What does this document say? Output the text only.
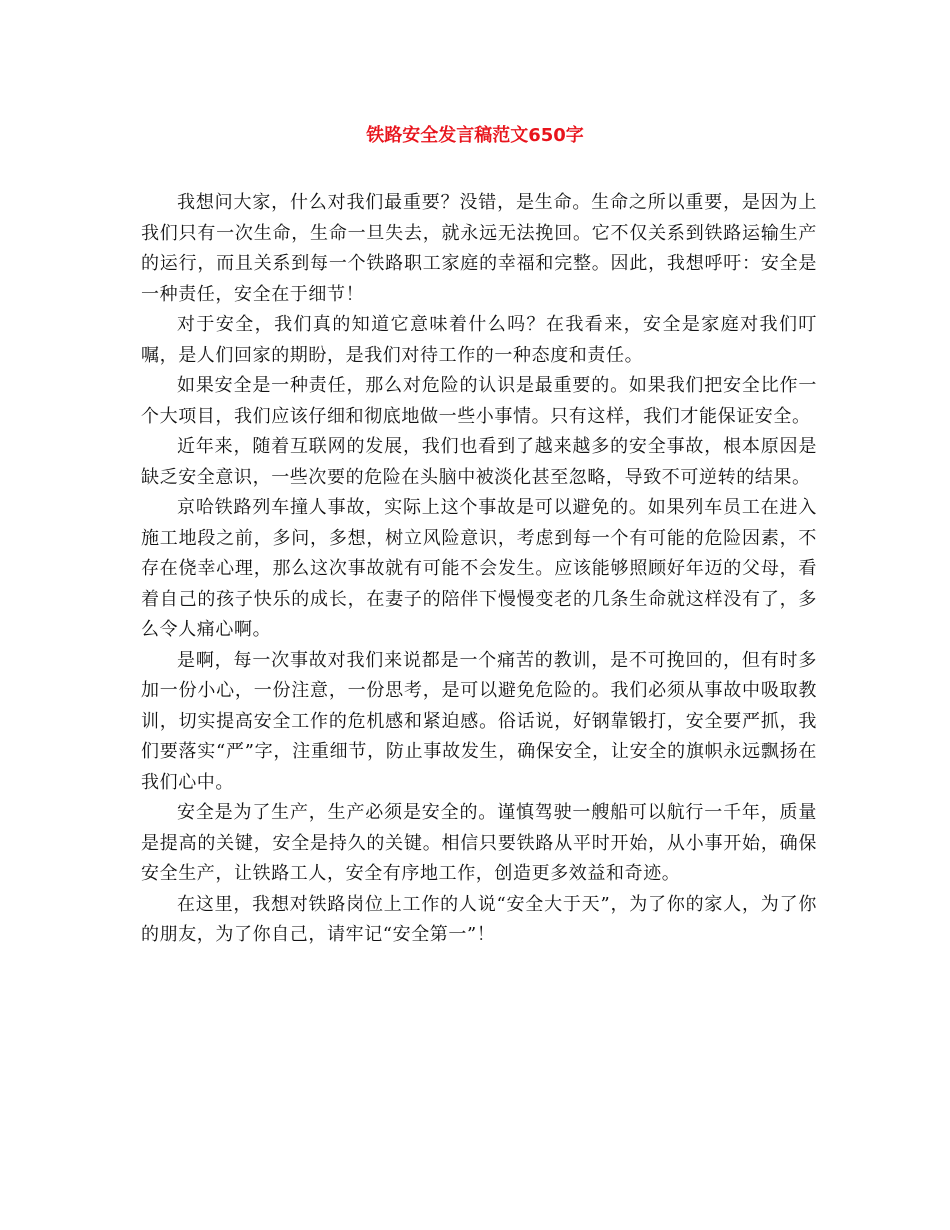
铁路安全发言稿范文650字

我想问大家，什么对我们最重要？没错，是生命。生命之所以重要，是因为上我们只有一次生命，生命一旦失去，就永远无法挽回。它不仅关系到铁路运输生产的运行，而且关系到每一个铁路职工家庭的幸福和完整。因此，我想呼吁：安全是一种责任，安全在于细节！

对于安全，我们真的知道它意味着什么吗？在我看来，安全是家庭对我们叮嘱，是人们回家的期盼，是我们对待工作的一种态度和责任。

如果安全是一种责任，那么对危险的认识是最重要的。如果我们把安全比作一个大项目，我们应该仔细和彻底地做一些小事情。只有这样，我们才能保证安全。

近年来，随着互联网的发展，我们也看到了越来越多的安全事故，根本原因是缺乏安全意识，一些次要的危险在头脑中被淡化甚至忽略，导致不可逆转的结果。

京哈铁路列车撞人事故，实际上这个事故是可以避免的。如果列车员工在进入施工地段之前，多问，多想，树立风险意识，考虑到每一个有可能的危险因素，不存在侥幸心理，那么这次事故就有可能不会发生。应该能够照顾好年迈的父母，看着自己的孩子快乐的成长，在妻子的陪伴下慢慢变老的几条生命就这样没有了，多么令人痛心啊。

是啊，每一次事故对我们来说都是一个痛苦的教训，是不可挽回的，但有时多加一份小心，一份注意，一份思考，是可以避免危险的。我们必须从事故中吸取教训，切实提高安全工作的危机感和紧迫感。俗话说，好钢靠锻打，安全要严抓，我们要落实“严”字，注重细节，防止事故发生，确保安全，让安全的旗帜永远飘扬在我们心中。

安全是为了生产，生产必须是安全的。谨慎驾驶一艘船可以航行一千年，质量是提高的关键，安全是持久的关键。相信只要铁路从平时开始，从小事开始，确保安全生产，让铁路工人，安全有序地工作，创造更多效益和奇迹。

在这里，我想对铁路岗位上工作的人说“安全大于天”，为了你的家人，为了你的朋友，为了你自己，请牢记“安全第一”！
